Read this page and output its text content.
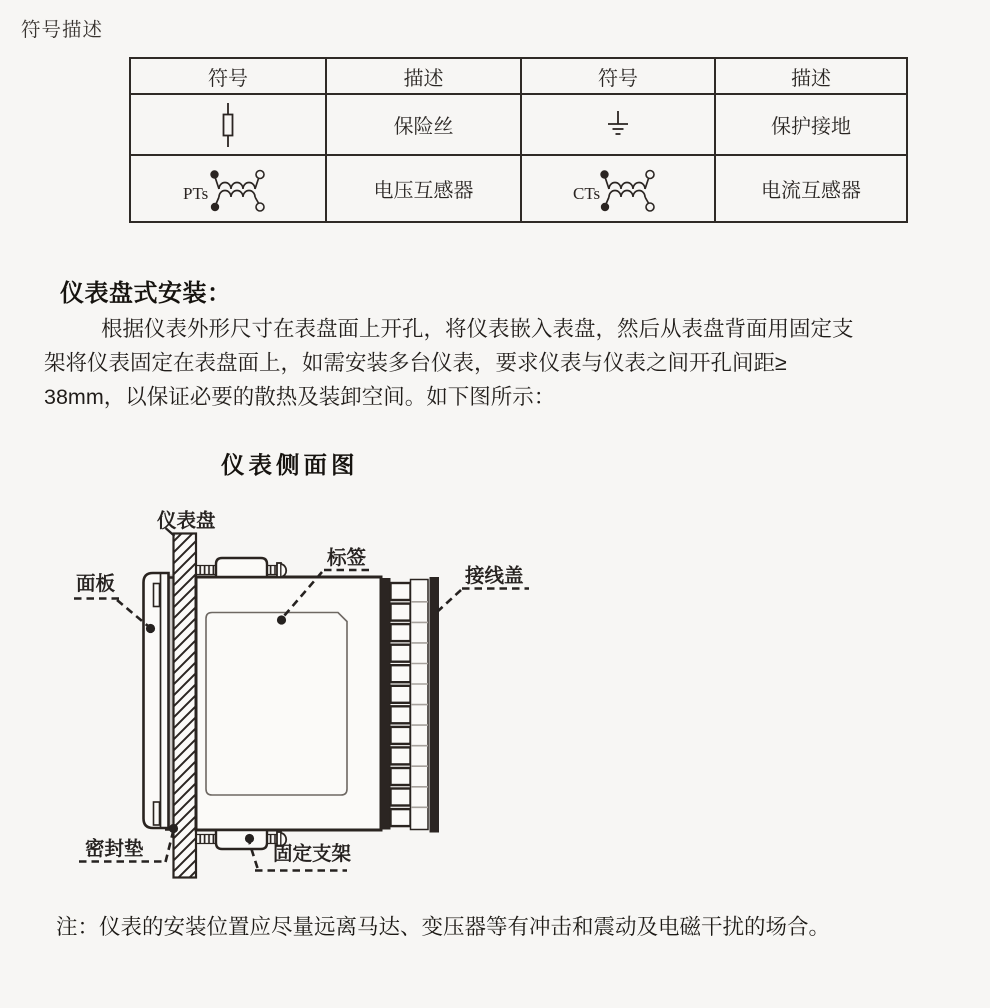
符号描述
符号	描述	符号	描述
	保险丝		保护接地

PTs	电压互感器	CTs	电流互感器
仪表盘式安装：
根据仪表外形尺寸在表盘面上开孔，将仪表嵌入表盘，然后从表盘背面用固定支
架将仪表固定在表盘面上，如需安装多台仪表，要求仪表与仪表之间开孔间距≥
38mm，以保证必要的散热及装卸空间。如下图所示：
仪表侧面图
仪表盘
面板
标签
接线盖
密封垫	固定支架
注：仪表的安装位置应尽量远离马达、变压器等有冲击和震动及电磁干扰的场合。
